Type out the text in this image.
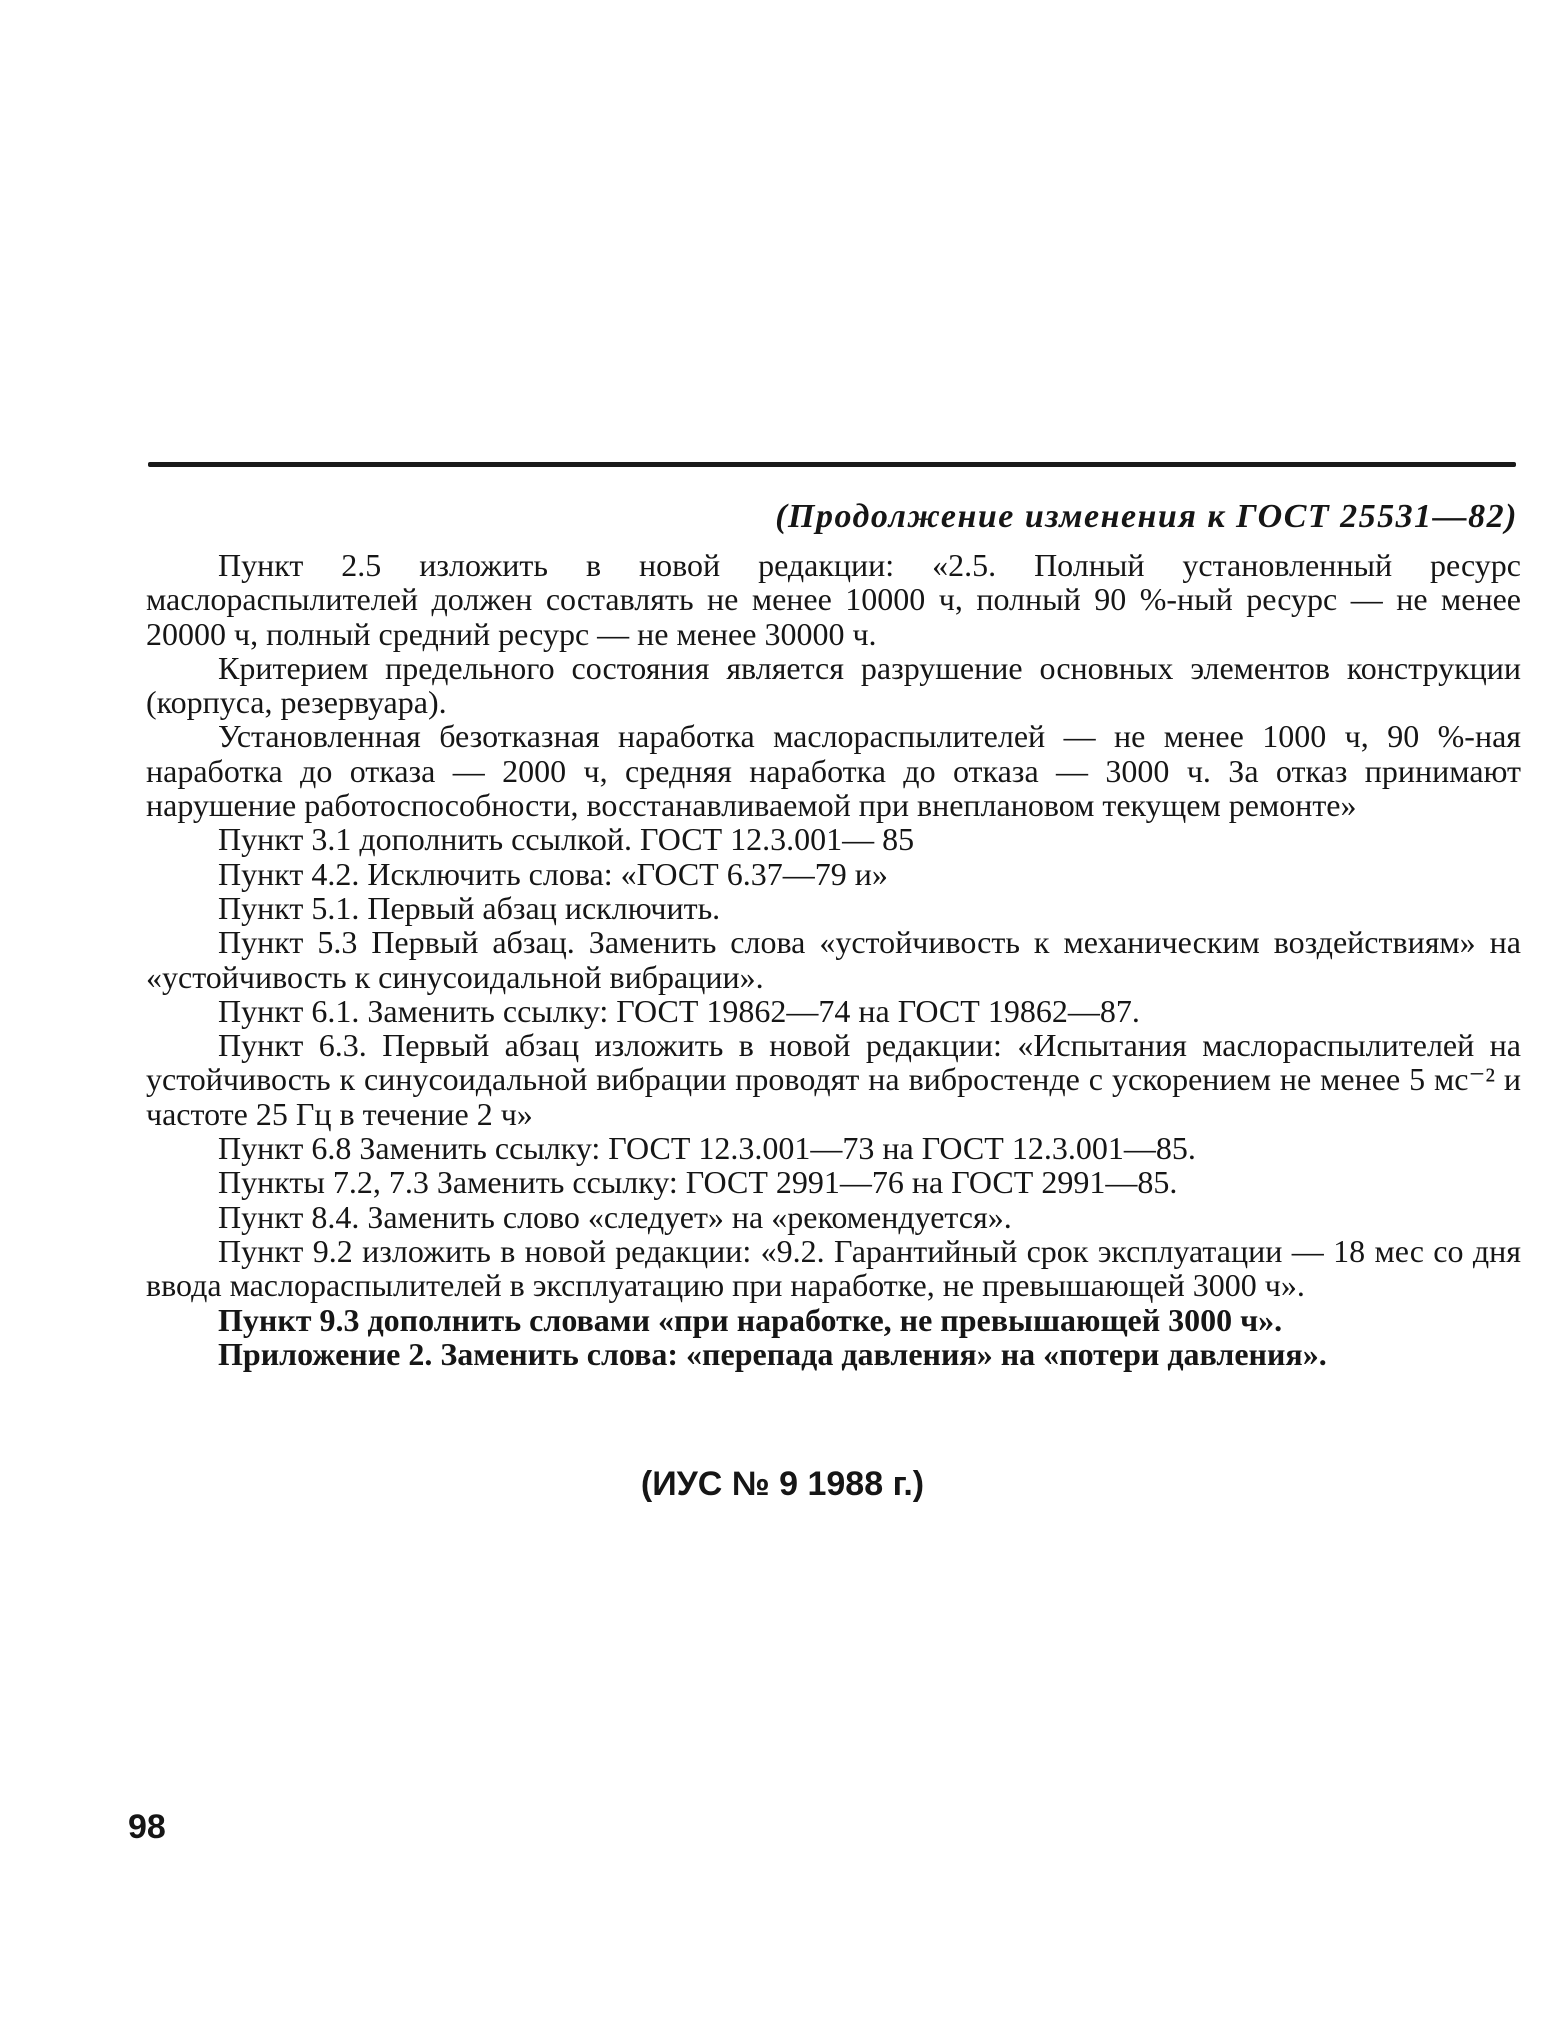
(Продолжение изменения к ГОСТ 25531—82)

Пункт 2.5 изложить в новой редакции: «2.5. Полный установленный ресурс маслораспылителей должен составлять не менее 10000 ч, полный 90 %-ный ресурс — не менее 20000 ч, полный средний ресурс — не менее 30000 ч.

Критерием предельного состояния является разрушение основных элементов конструкции (корпуса, резервуара).

Установленная безотказная наработка маслораспылителей — не менее 1000 ч, 90 %-ная наработка до отказа — 2000 ч, средняя наработка до отказа — 3000 ч. За отказ принимают нарушение работоспособности, восстанавливаемой при внеплановом текущем ремонте»

Пункт 3.1 дополнить ссылкой. ГОСТ 12.3.001— 85

Пункт 4.2. Исключить слова: «ГОСТ 6.37—79 и»

Пункт 5.1. Первый абзац исключить.

Пункт 5.3 Первый абзац. Заменить слова «устойчивость к механическим воздействиям» на «устойчивость к синусоидальной вибрации».

Пункт 6.1. Заменить ссылку: ГОСТ 19862—74 на ГОСТ 19862—87.

Пункт 6.3. Первый абзац изложить в новой редакции: «Испытания маслораспылителей на устойчивость к синусоидальной вибрации проводят на вибростенде с ускорением не менее 5 мс⁻² и частоте 25 Гц в течение 2 ч»

Пункт 6.8 Заменить ссылку: ГОСТ 12.3.001—73 на ГОСТ 12.3.001—85.

Пункты 7.2, 7.3 Заменить ссылку: ГОСТ 2991—76 на ГОСТ 2991—85.

Пункт 8.4. Заменить слово «следует» на «рекомендуется».

Пункт 9.2 изложить в новой редакции: «9.2. Гарантийный срок эксплуатации — 18 мес со дня ввода маслораспылителей в эксплуатацию при наработке, не превышающей 3000 ч».

Пункт 9.3 дополнить словами «при наработке, не превышающей 3000 ч».

Приложение 2. Заменить слова: «перепада давления» на «потери давления».

(ИУС № 9 1988 г.)
98
